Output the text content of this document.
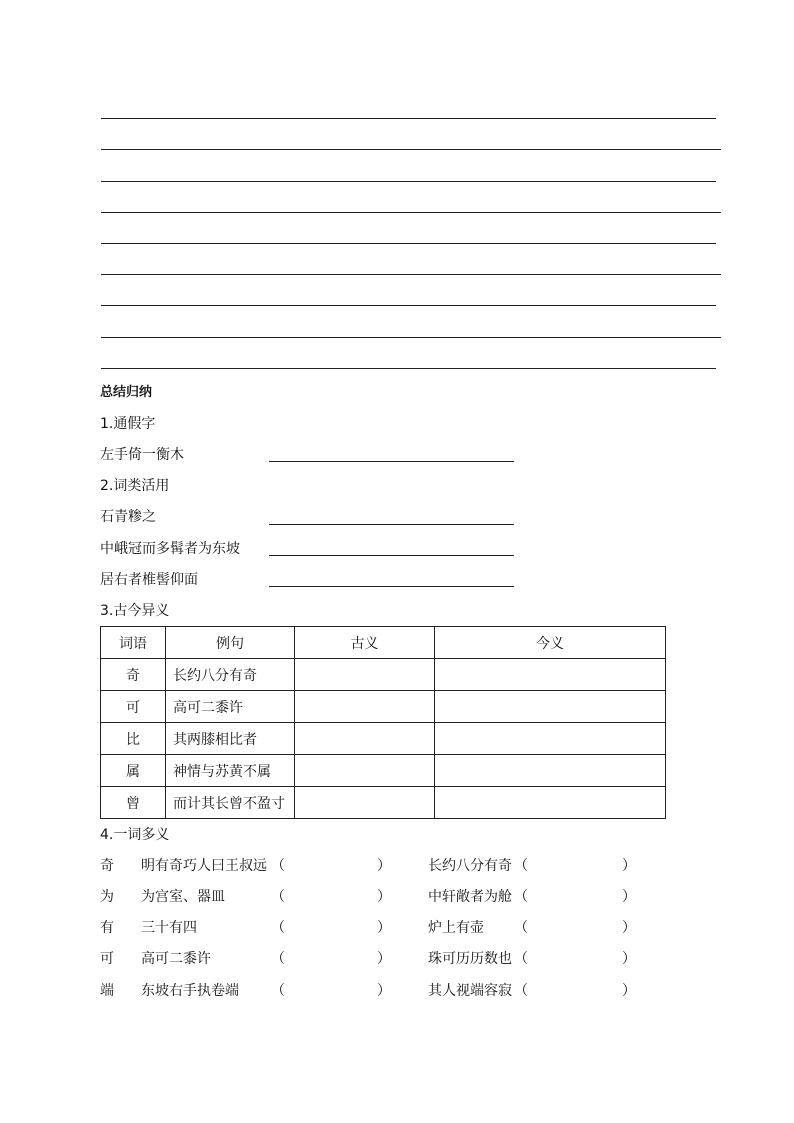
总结归纳
1.通假字
左手倚一衡木
2.词类活用
石青糁之
中峨冠而多髯者为东坡
居右者椎髻仰面
3.古今异义
词语	例句	古义	今义
奇	长约八分有奇		
可	高可二黍许		
比	其两膝相比者		
属	神情与苏黄不属		
曾	而计其长曾不盈寸		
4.一词多义
奇 明有奇巧人曰王叔远 （	）	长约八分有奇 （	）
为 为宫室、器皿	（	）	中轩敞者为舱 （	）
有 三十有四	（	）	炉上有壶 （	）
可 高可二黍许	（	）	珠可历历数也 （	）
端 东坡右手执卷端 （	）	其人视端容寂 （	）
